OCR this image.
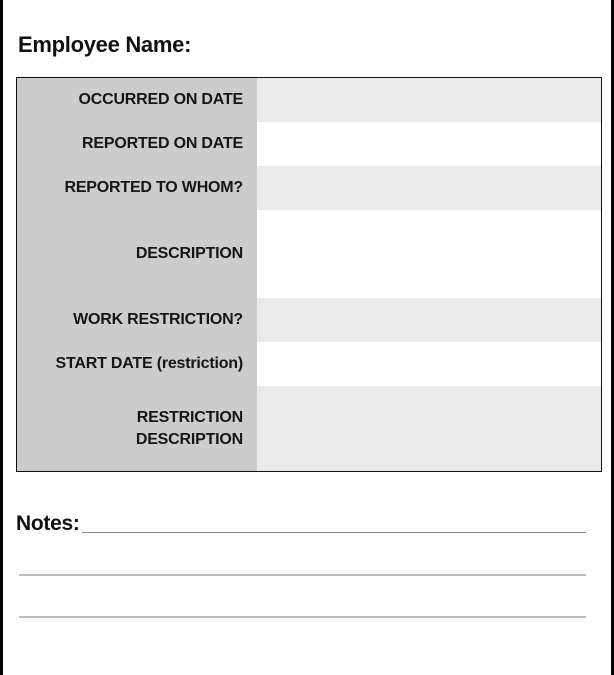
Employee Name:
OCCURRED ON DATE
REPORTED ON DATE
REPORTED TO WHOM?
DESCRIPTION
WORK RESTRICTION?
START DATE (restriction)
RESTRICTION DESCRIPTION
Notes:
